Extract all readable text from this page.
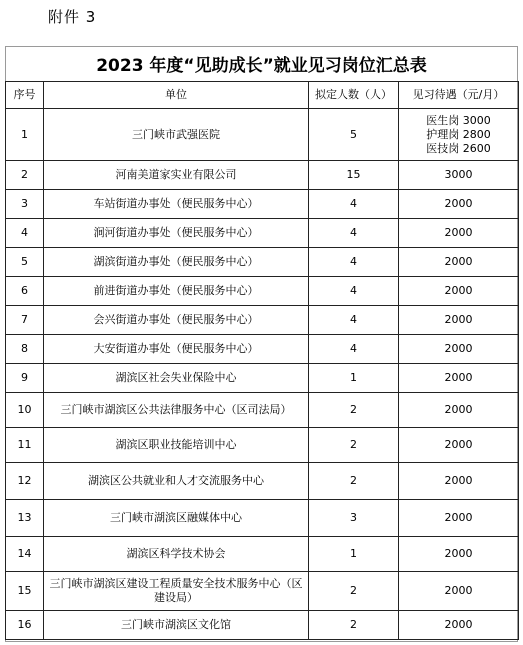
附件 3
2023 年度“见助成长”就业见习岗位汇总表
序号	单位	拟定人数（人）	见习待遇（元/月）
1	三门峡市武强医院	5	医生岗 3000
护理岗 2800
医技岗 2600

2	河南美道家实业有限公司	15	3000

3	车站街道办事处（便民服务中心）	4	2000

4	涧河街道办事处（便民服务中心）	4	2000

5	湖滨街道办事处（便民服务中心）	4	2000

6	前进街道办事处（便民服务中心）	4	2000

7	会兴街道办事处（便民服务中心）	4	2000

8	大安街道办事处（便民服务中心）	4	2000

9	湖滨区社会失业保险中心	1	2000

10	三门峡市湖滨区公共法律服务中心（区司法局）	2	2000

11	湖滨区职业技能培训中心	2	2000

12	湖滨区公共就业和人才交流服务中心	2	2000

13	三门峡市湖滨区融媒体中心	3	2000

14	湖滨区科学技术协会	1	2000

15	三门峡市湖滨区建设工程质量安全技术服务中心（区建设局）	2	2000

16	三门峡市湖滨区文化馆	2	2000
